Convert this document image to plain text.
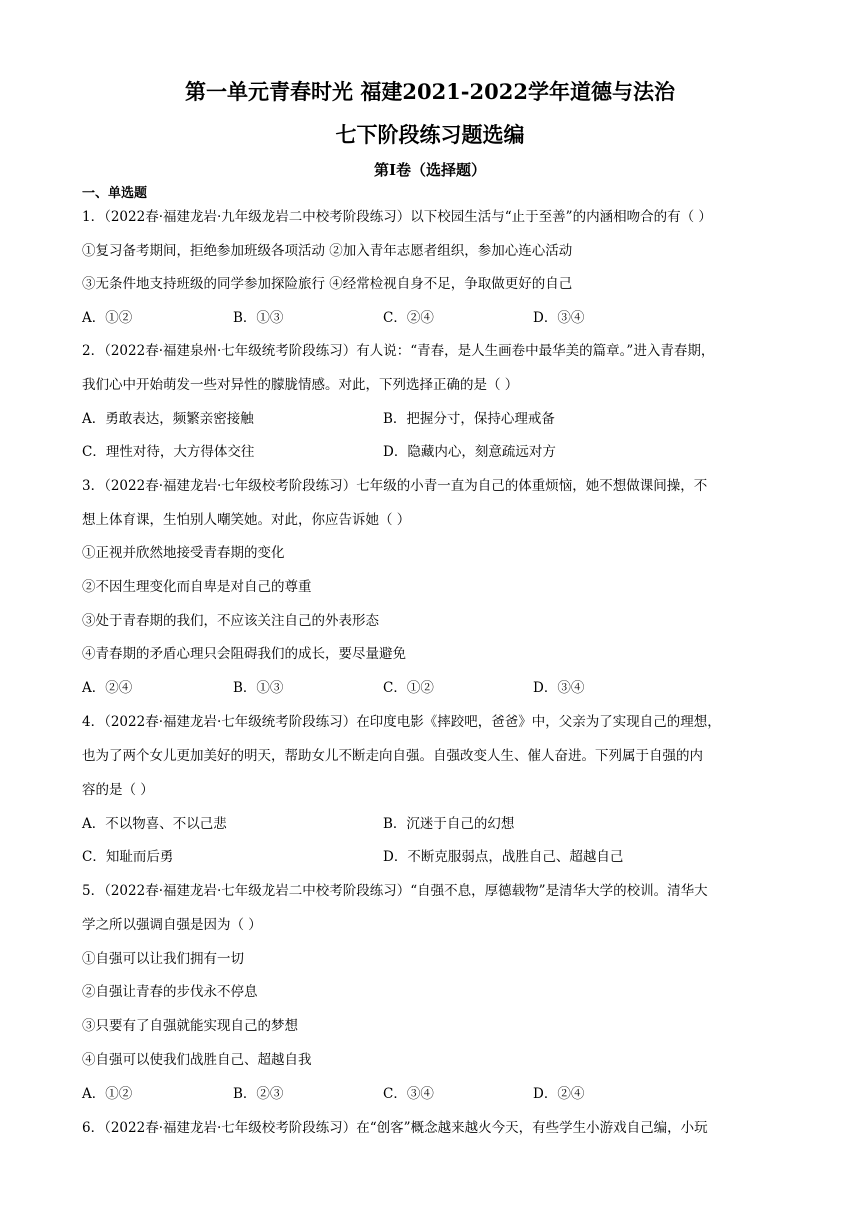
第一单元青春时光 福建2021-2022学年道德与法治
七下阶段练习题选编
第Ⅰ卷（选择题）
一、单选题
1．（2022春·福建龙岩·九年级龙岩二中校考阶段练习）以下校园生活与“止于至善”的内涵相吻合的有（ ）
①复习备考期间，拒绝参加班级各项活动 ②加入青年志愿者组织，参加心连心活动
③无条件地支持班级的同学参加探险旅行 ④经常检视自身不足，争取做更好的自己
A．①②	B．①③	C．②④	D．③④
2．（2022春·福建泉州·七年级统考阶段练习）有人说：“青春，是人生画卷中最华美的篇章。”进入青春期，
我们心中开始萌发一些对异性的朦胧情感。对此，下列选择正确的是（ ）
A．勇敢表达，频繁亲密接触	B．把握分寸，保持心理戒备
C．理性对待，大方得体交往	D．隐藏内心，刻意疏远对方
3．（2022春·福建龙岩·七年级校考阶段练习）七年级的小青一直为自己的体重烦恼，她不想做课间操，不
想上体育课，生怕别人嘲笑她。对此，你应告诉她（ ）
①正视并欣然地接受青春期的变化
②不因生理变化而自卑是对自己的尊重
③处于青春期的我们，不应该关注自己的外表形态
④青春期的矛盾心理只会阻碍我们的成长，要尽量避免
A．②④	B．①③	C．①②	D．③④
4．（2022春·福建龙岩·七年级统考阶段练习）在印度电影《摔跤吧，爸爸》中，父亲为了实现自己的理想，
也为了两个女儿更加美好的明天，帮助女儿不断走向自强。自强改变人生、催人奋进。下列属于自强的内
容的是（ ）
A．不以物喜、不以己悲	B．沉迷于自己的幻想
C．知耻而后勇	D．不断克服弱点，战胜自己、超越自己
5．（2022春·福建龙岩·七年级龙岩二中校考阶段练习）“自强不息，厚德载物”是清华大学的校训。清华大
学之所以强调自强是因为（ ）
①自强可以让我们拥有一切
②自强让青春的步伐永不停息
③只要有了自强就能实现自己的梦想
④自强可以使我们战胜自己、超越自我
A．①②	B．②③	C．③④	D．②④
6．（2022春·福建龙岩·七年级校考阶段练习）在“创客”概念越来越火今天，有些学生小游戏自己编，小玩
